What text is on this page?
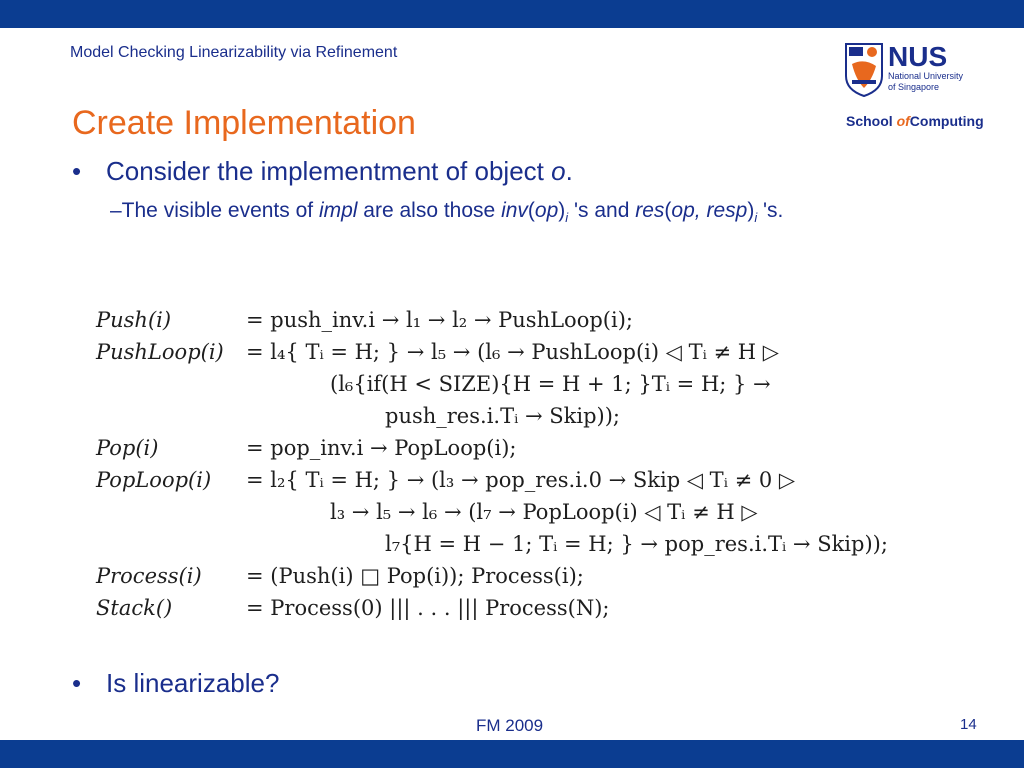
Model Checking Linearizability via Refinement	NUS
National University
of Singapore
School ofComputing
Create Implementation
• Consider the implementment of object o.
–The visible events of impl are also those $inv(op)_i$ 's and res(op, $resp)_i$ 's.

Push(i)	= push_inv.i → l₁ → l₂ → PushLoop(i);

PushLoop(i) = l₄{ Tᵢ = H; } → l₅ → (l₆ → PushLoop(i) ◁ Tᵢ ≠ H ▷

(l₆{if(H < SIZE){H = H + 1; }Tᵢ = H; } →

push_res.i.Tᵢ → Skip));

Pop(i)	= pop_inv.i → PopLoop(i);

PopLoop(i) = l₂{ Tᵢ = H; } → (l₃ → pop_res.i.0 → Skip ◁ Tᵢ ≠ 0 ▷

l₃ → l₅ → l₆ → (l₇ → PopLoop(i) ◁ Tᵢ ≠ H ▷

l₇{H = H − 1; Tᵢ = H; } → pop_res.i.Tᵢ → Skip));

Process(i) = (Push(i) □ Pop(i)); Process(i);

Stack()	= Process(0) ||| . . . ||| Process(N);

• Is linearizable?
FM 2009	14
